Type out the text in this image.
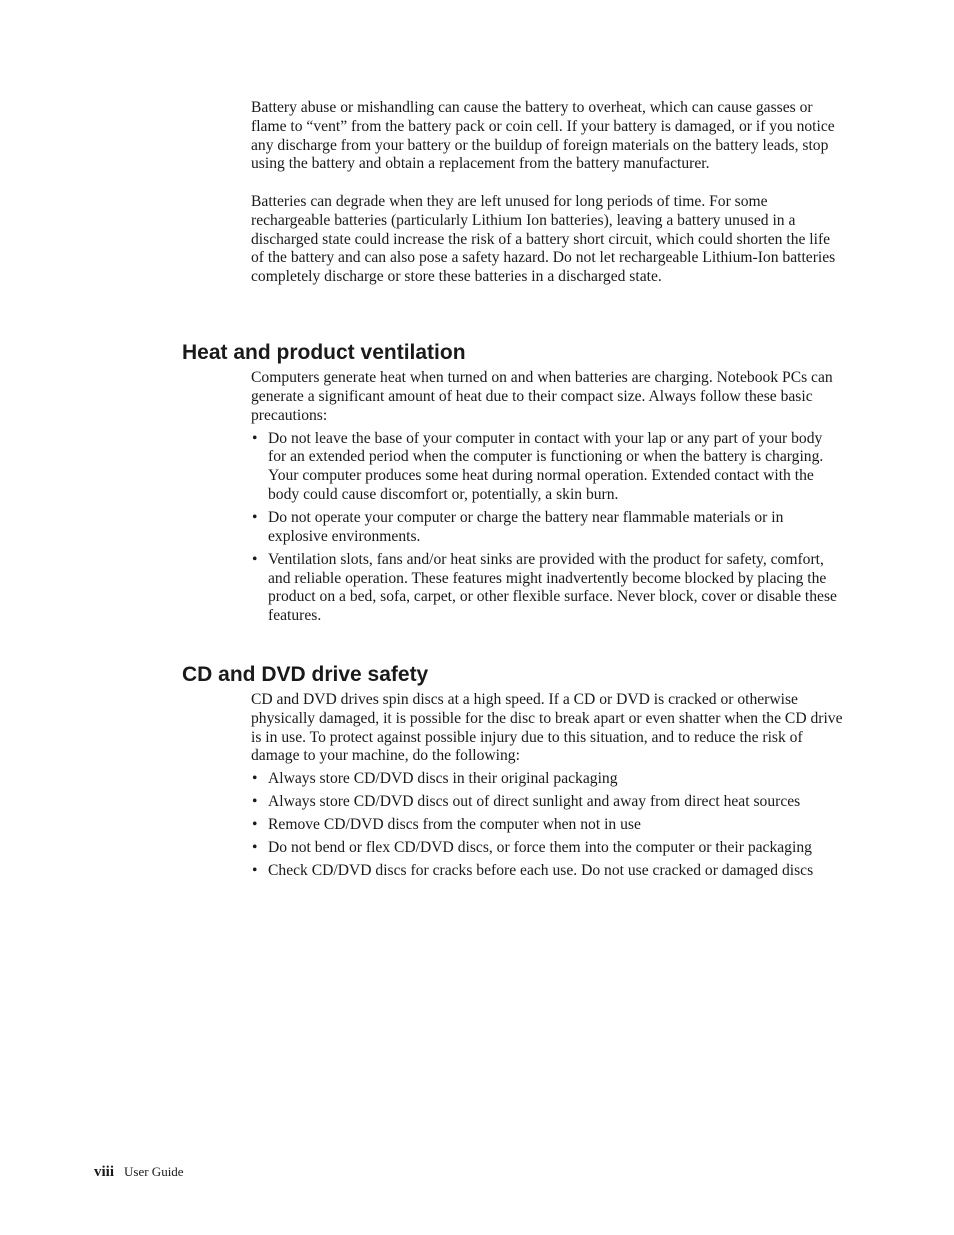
Battery abuse or mishandling can cause the battery to overheat, which can cause gasses or flame to “vent” from the battery pack or coin cell. If your battery is damaged, or if you notice any discharge from your battery or the buildup of foreign materials on the battery leads, stop using the battery and obtain a replacement from the battery manufacturer.

Batteries can degrade when they are left unused for long periods of time. For some rechargeable batteries (particularly Lithium Ion batteries), leaving a battery unused in a discharged state could increase the risk of a battery short circuit, which could shorten the life of the battery and can also pose a safety hazard. Do not let rechargeable Lithium-Ion batteries completely discharge or store these batteries in a discharged state.

Heat and product ventilation

Computers generate heat when turned on and when batteries are charging. Notebook PCs can generate a significant amount of heat due to their compact size. Always follow these basic precautions:

• Do not leave the base of your computer in contact with your lap or any part of your body for an extended period when the computer is functioning or when the battery is charging. Your computer produces some heat during normal operation. Extended contact with the body could cause discomfort or, potentially, a skin burn.
• Do not operate your computer or charge the battery near flammable materials or in explosive environments.
• Ventilation slots, fans and/or heat sinks are provided with the product for safety, comfort, and reliable operation. These features might inadvertently become blocked by placing the product on a bed, sofa, carpet, or other flexible surface. Never block, cover or disable these features.
CD and DVD drive safety

CD and DVD drives spin discs at a high speed. If a CD or DVD is cracked or otherwise physically damaged, it is possible for the disc to break apart or even shatter when the CD drive is in use. To protect against possible injury due to this situation, and to reduce the risk of damage to your machine, do the following:

• Always store CD/DVD discs in their original packaging
• Always store CD/DVD discs out of direct sunlight and away from direct heat sources
• Remove CD/DVD discs from the computer when not in use
• Do not bend or flex CD/DVD discs, or force them into the computer or their packaging
• Check CD/DVD discs for cracks before each use. Do not use cracked or damaged discs
viii User Guide
